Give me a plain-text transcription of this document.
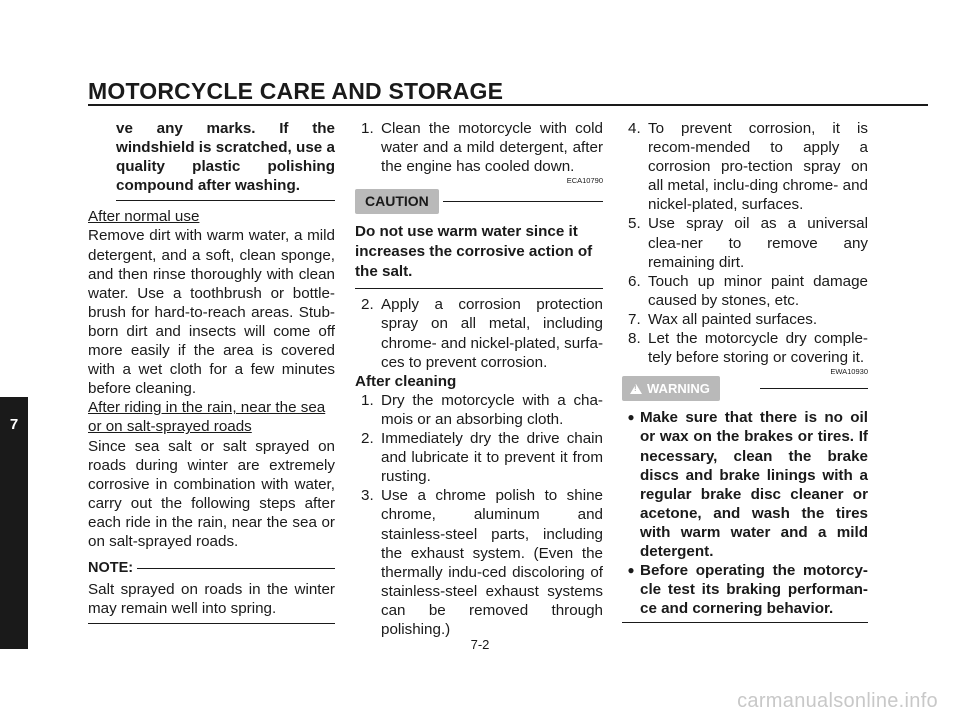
MOTORCYCLE CARE AND STORAGE
7

ve any marks. If the windshield is scratched, use a quality plastic polishing compound after washing.

After normal use

Remove dirt with warm water, a mild detergent, and a soft, clean sponge, and then rinse thoroughly with clean water. Use a toothbrush or bottle-brush for hard-to-reach areas. Stub-born dirt and insects will come off more easily if the area is covered with a wet cloth for a few minutes before cleaning.

After riding in the rain, near the sea or on salt-sprayed roads

Since sea salt or salt sprayed on roads during winter are extremely corrosive in combination with water, carry out the following steps after each ride in the rain, near the sea or on salt-sprayed roads.

NOTE:

Salt sprayed on roads in the winter may remain well into spring.

1. Clean the motorcycle with cold water and a mild detergent, after the engine has cooled down.
ECA10790
CAUTION

Do not use warm water since it increases the corrosive action of the salt.

2. Apply a corrosion protection spray on all metal, including chrome- and nickel-plated, surfa-ces to prevent corrosion.

After cleaning

1. Dry the motorcycle with a cha-mois or an absorbing cloth.
2. Immediately dry the drive chain and lubricate it to prevent it from rusting.
3. Use a chrome polish to shine chrome, aluminum and stainless-steel parts, including the exhaust system. (Even the thermally indu-ced discoloring of stainless-steel exhaust systems can be removed through polishing.)
4. To prevent corrosion, it is recom-mended to apply a corrosion pro-tection spray on all metal, inclu-ding chrome- and nickel-plated, surfaces.
5. Use spray oil as a universal clea-ner to remove any remaining dirt.
6. Touch up minor paint damage caused by stones, etc.
7. Wax all painted surfaces.
8. Let the motorcycle dry comple-tely before storing or covering it.
EWA10930
!
WARNING
● Make sure that there is no oil or wax on the brakes or tires. If necessary, clean the brake discs and brake linings with a regular brake disc cleaner or acetone, and wash the tires with warm water and a mild detergent.
● Before operating the motorcy-cle test its braking performan-ce and cornering behavior.
7-2
carmanualsonline.info
